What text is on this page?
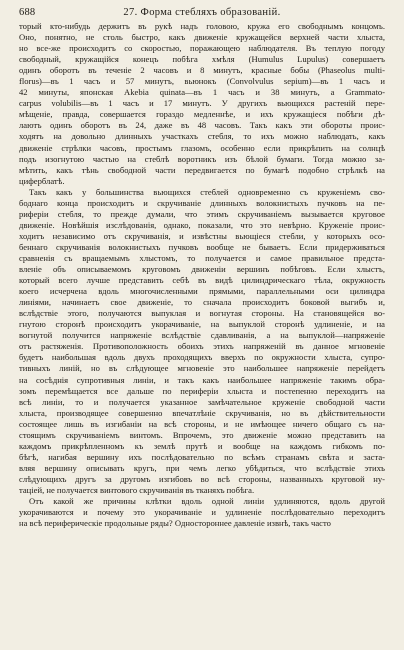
688	27. Форма стебляхъ образованій.
торый кто-нибудь держитъ въ рукѣ надъ головою, кружа его свободнымъ концомъ.
Оно, понятно, не столь быстро, какъ движеніе кружащейся верхней части хлыста,
но все-же происходитъ со скоростью, поражающею наблюдателя. Въ теплую погоду
свободный, кружащійся конецъ побѣга хмѣля (Humulus Lupulus) совершаетъ
одинъ оборотъ въ теченіе 2 часовъ и 8 минутъ, красные бобы (Phaseolus multi-
florus)—въ 1 часъ и 57 минутъ, вьюнокъ (Convolvulus sepium)—въ 1 часъ и
42 минуты, японская Akebia quinata—въ 1 часъ и 38 минутъ, а Grammato-
carpus volubilis—въ 1 часъ и 17 минутъ. У другихъ вьющихся растеній пере-
мѣщеніе, правда, совершается гораздо медленнѣе, и ихъ кружащіеся побѣги дѣ-
лаютъ одинъ оборотъ въ 24, даже въ 48 часовъ. Такъ какъ эти обороты проис-
ходятъ на довольно длинныхъ участкахъ стебля, то ихъ можно наблюдать, какъ
движеніе стрѣлки часовъ, простымъ глазомъ, особенно если прикрѣпить на солнцѣ
подъ изогнутою частью на стеблѣ воротникъ изъ бѣлой бумаги. Тогда можно за-
мѣтить, какъ тѣнь свободной части передвигается по бумагѣ подобно стрѣлкѣ на
циферблатѣ.
Такъ какъ у большинства вьющихся стеблей одновременно съ круженіемъ сво-
боднаго конца происходитъ и скручиваніе длинныхъ волокнистыхъ пучковъ на пе-
риферіи стебля, то прежде думали, что этимъ скручиваніемъ вызывается круговое
движеніе. Новѣйшія изслѣдованія, однако, показали, что это невѣрно. Круженіе проис-
ходитъ независимо отъ скручиванія, и извѣстны вьющіеся стебли, у которыхъ осо-
беннаго скручиванія волокнистыхъ пучковъ вообще не бываетъ. Если придерживаться
сравненія съ вращаемымъ хлыстомъ, то получается и самое правильное предста-
вленіе объ описываемомъ круговомъ движеніи вершинъ побѣговъ. Если хлыстъ,
который всего лучше представить себѣ въ видѣ цилиндрическаго тѣла, окружность
коего исчерчена вдоль многочисленными прямыми, параллельными оси цилиндра
линіями, начинаетъ свое движеніе, то сначала происходитъ боковой выгибъ и,
вслѣдствіе этого, получаются выпуклая и вогнутая стороны. На становящейся во-
гнутою сторонѣ происходитъ укорачиваніе, на выпуклой сторонѣ удлиненіе, и на
вогнутой получится напряженіе вслѣдствіе сдавливанія, а на выпуклой—напряженіе
отъ растяженія. Противоположность обоихъ этихъ напряженій въ данное мгновеніе
будетъ наибольшая вдоль двухъ проходящихъ вверхъ по окружности хлыста, супро-
тивныхъ линій, но въ слѣдующее мгновеніе это наибольшее напряженіе перейдетъ
на сосѣднія супротивныя линіи, и такъ какъ наибольшее напряженіе такимъ обра-
зомъ перемѣщается все дальше по периферіи хлыста и постепенно переходитъ на
всѣ линіи, то и получается указанное замѣчательное круженіе свободной части
хлыста, производящее совершенно впечатлѣніе скручиванія, но въ дѣйствительности
состоящее лишь въ изгибаніи на всѣ стороны, и не имѣющее ничего общаго съ на-
стоящимъ скручиваніемъ винтомъ. Впрочемъ, это движеніе можно представить на
каждомъ прикрѣпленномъ къ землѣ прутѣ и вообще на каждомъ гибкомъ по-
бѣгѣ, нагибая вершину ихъ послѣдовательно по всѣмъ странамъ свѣта и заста-
вляя вершину описывать кругъ, при чемъ легко убѣдиться, что вслѣдствіе этихъ
слѣдующихъ другъ за другомъ изгибовъ во всѣ стороны, названныхъ круговой ну-
таціей, не получается винтового скручиванія въ тканяхъ побѣга.
Отъ какой же причины клѣтки вдоль одной линіи удлиняются, вдоль другой
укорачиваются и почему это укорачиваніе и удлиненіе послѣдовательно переходитъ
на всѣ периферическіе продольные ряды? Одностороннее давленіе извнѣ, такъ часто
